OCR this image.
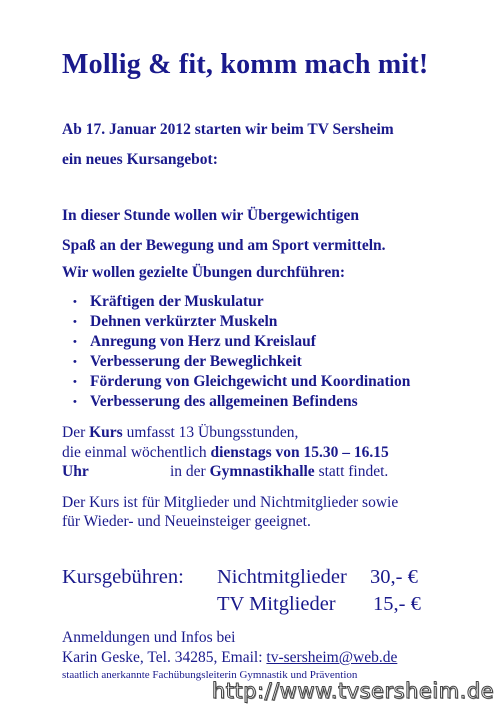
Mollig & fit, komm mach mit!
Ab 17. Januar 2012 starten wir beim TV Sersheim
ein neues Kursangebot:
In dieser Stunde wollen wir Übergewichtigen
Spaß an der Bewegung und am Sport vermitteln.
Wir wollen gezielte Übungen durchführen:
• Kräftigen der Muskulatur
• Dehnen verkürzter Muskeln
• Anregung von Herz und Kreislauf
• Verbesserung der Beweglichkeit
• Förderung von Gleichgewicht und Koordination
• Verbesserung des allgemeinen Befindens
Der Kurs umfasst 13 Übungsstunden,
die einmal wöchentlich dienstags von 15.30 – 16.15
Uhr	in der Gymnastikhalle statt findet.
Der Kurs ist für Mitglieder und Nichtmitglieder sowie
für Wieder- und Neueinsteiger geeignet.
Kursgebühren: Nichtmitglieder 30,- €
TV Mitglieder 15,- €
Anmeldungen und Infos bei
Karin Geske, Tel. 34285, Email: tv-sersheim@web.de
staatlich anerkannte Fachübungsleiterin Gymnastik und Prävention
http://www.tvsersheim.de
